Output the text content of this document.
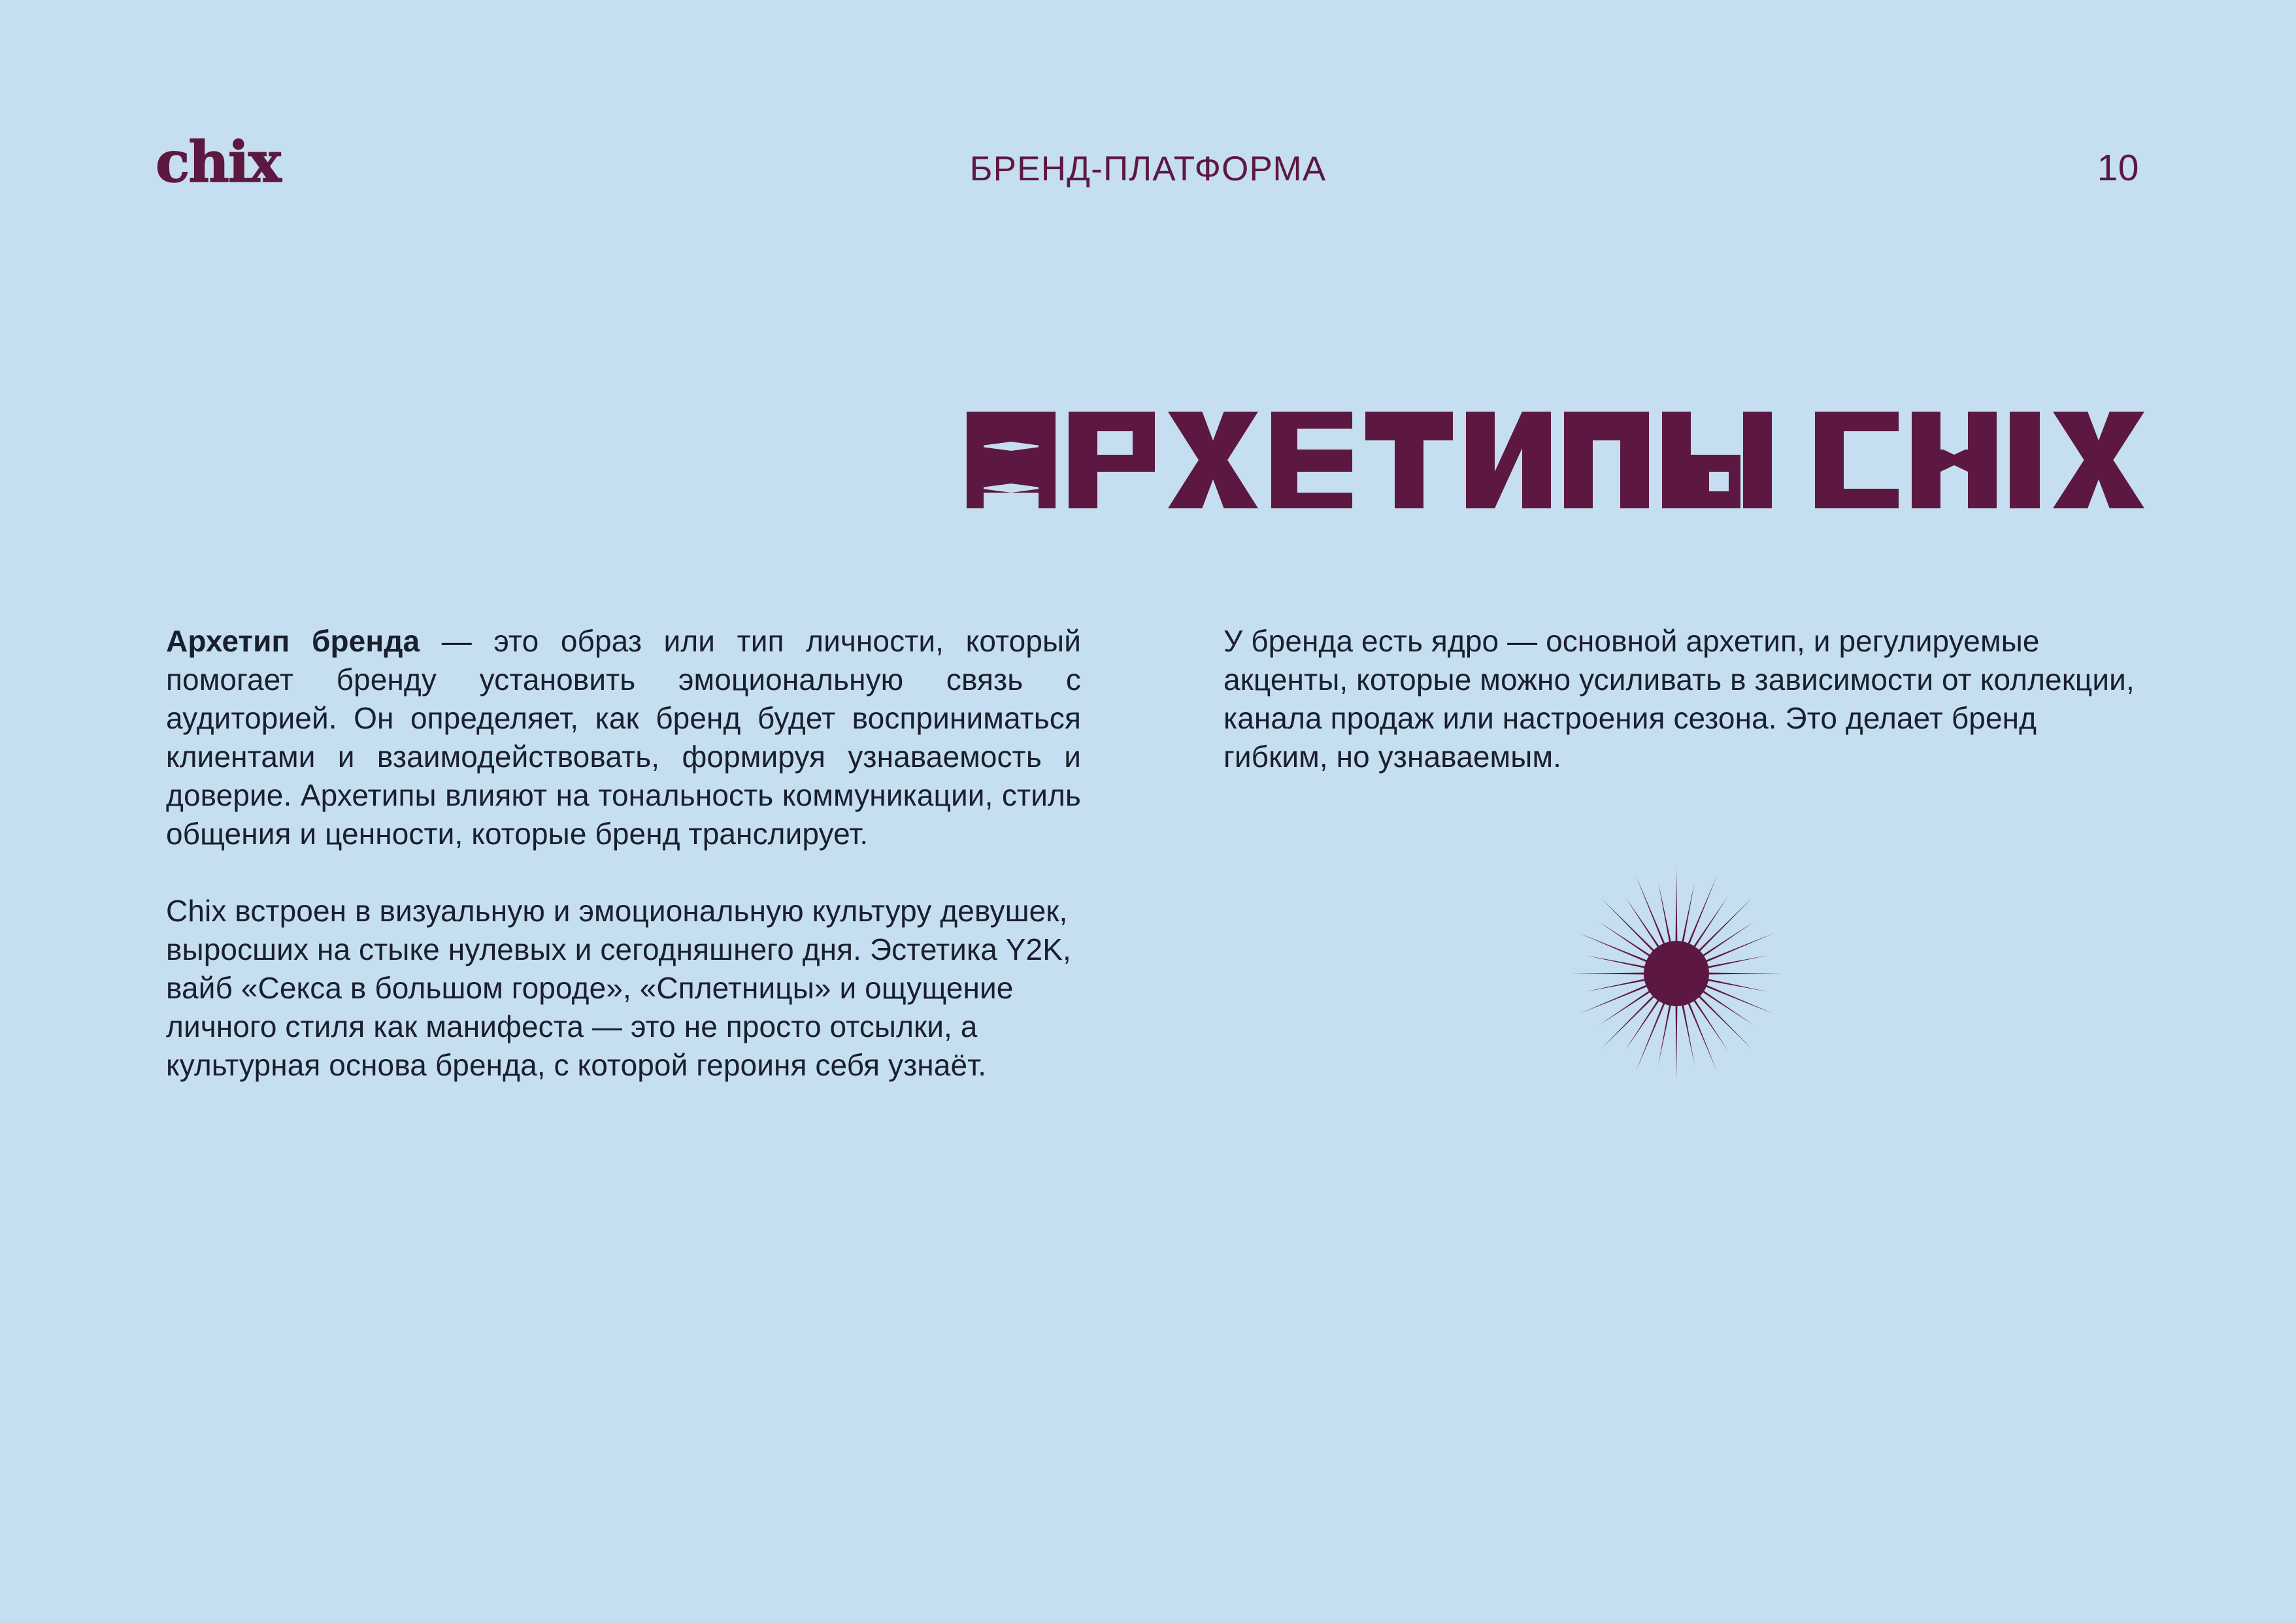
chix	БРЕНД-ПЛАТФОРМА	10

Архетип бренда — это образ или тип личности, который помогает бренду установить эмоциональную связь с аудиторией. Он определяет, как бренд будет восприниматься клиентами и взаимодействовать, формируя узнаваемость и доверие. Архетипы влияют на тональность коммуникации, стиль общения и ценности, которые бренд транслирует.

Chix встроен в визуальную и эмоциональную культуру девушек, выросших на стыке нулевых и сегодняшнего дня. Эстетика Y2K, вайб «Секса в большом городе», «Сплетницы» и ощущение личного стиля как манифеста — это не просто отсылки, а культурная основа бренда, с которой героиня себя узнаёт.

У бренда есть ядро — основной архетип, и регулируемые акценты, которые можно усиливать в зависимости от коллекции, канала продаж или настроения сезона. Это делает бренд гибким, но узнаваемым.
